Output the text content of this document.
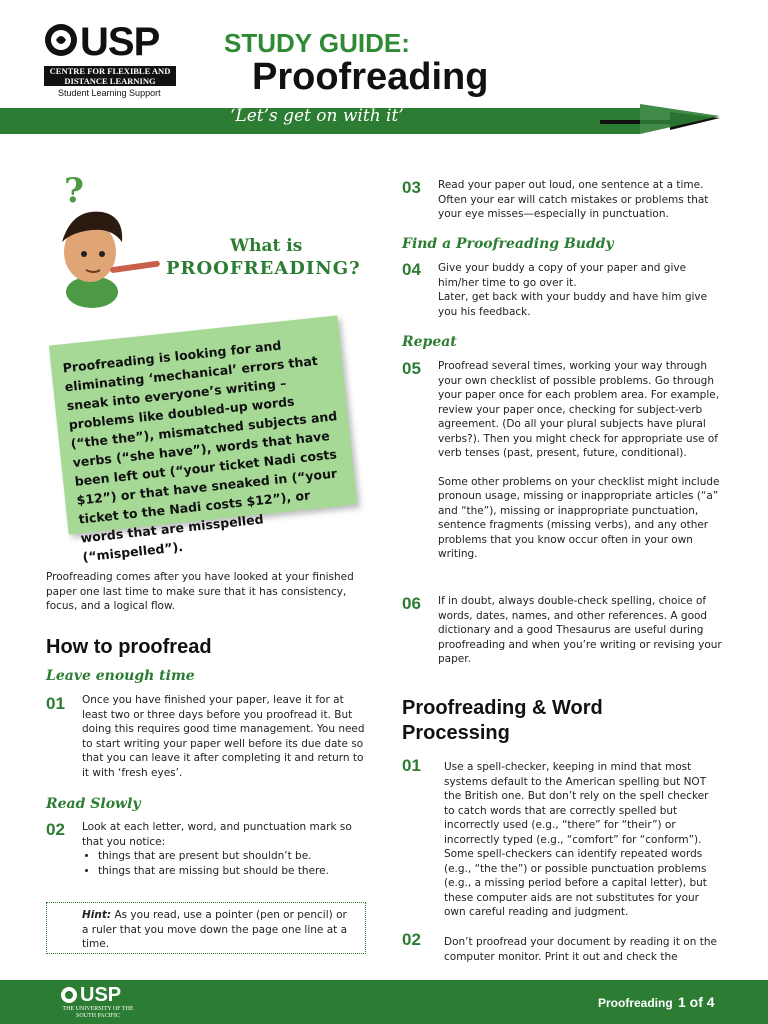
USP
CENTRE FOR FLEXIBLE AND DISTANCE LEARNING
Student Learning Support
STUDY GUIDE:
Proofreading
‘Let’s get on with it’
?
What is
PROOFREADING?
Proofreading is looking for and eliminating ‘mechanical’ errors that sneak into everyone’s writing – problems like doubled-up words (“the the”), mismatched subjects and verbs (“she have”), words that have been left out (“your ticket Nadi costs $12”) or that have sneaked in (“your ticket to the Nadi costs $12”), or words that are misspelled (“mispelled”).
Proofreading comes after you have looked at your finished paper one last time to make sure that it has consistency, focus, and a logical flow.
How to proofread
Leave enough time
01 Once you have finished your paper, leave it for at least two or three days before you proofread it. But doing this requires good time management. You need to start writing your paper well before its due date so that you can leave it after completing it and return to it with ‘fresh eyes’.
Read Slowly
02 Look at each letter, word, and punctuation mark so that you notice:
• things that are present but shouldn’t be.
• things that are missing but should be there.
Hint: As you read, use a pointer (pen or pencil) or a ruler that you move down the page one line at a time.
03 Read your paper out loud, one sentence at a time. Often your ear will catch mistakes or problems that your eye misses—especially in punctuation.
Find a Proofreading Buddy
04 Give your buddy a copy of your paper and give him/her time to go over it.
Later, get back with your buddy and have him give you his feedback.
Repeat
05 Proofread several times, working your way through your own checklist of possible problems. Go through your paper once for each problem area. For example, review your paper once, checking for subject-verb agreement. (Do all your plural subjects have plural verbs?). Then you might check for appropriate use of verb tenses (past, present, future, conditional).
Some other problems on your checklist might include pronoun usage, missing or inappropriate articles (“a” and “the”), missing or inappropriate punctuation, sentence fragments (missing verbs), and any other problems that you know occur often in your own writing.
06 If in doubt, always double-check spelling, choice of words, dates, names, and other references. A good dictionary and a good Thesaurus are useful during proofreading and when you’re writing or revising your paper.
Proofreading & Word Processing
01 Use a spell-checker, keeping in mind that most systems default to the American spelling but NOT the British one. But don’t rely on the spell checker to catch words that are correctly spelled but incorrectly used (e.g., “there” for “their”) or incorrectly typed (e.g., “comfort” for “conform”). Some spell-checkers can identify repeated words (e.g., “the the”) or possible punctuation problems (e.g., a missing period before a capital letter), but these computer aids are not substitutes for your own careful reading and judgment.
02 Don’t proofread your document by reading it on the computer monitor. Print it out and check the
USP
THE UNIVERSITY OF THE SOUTH PACIFIC
Proofreading 1 of 4
